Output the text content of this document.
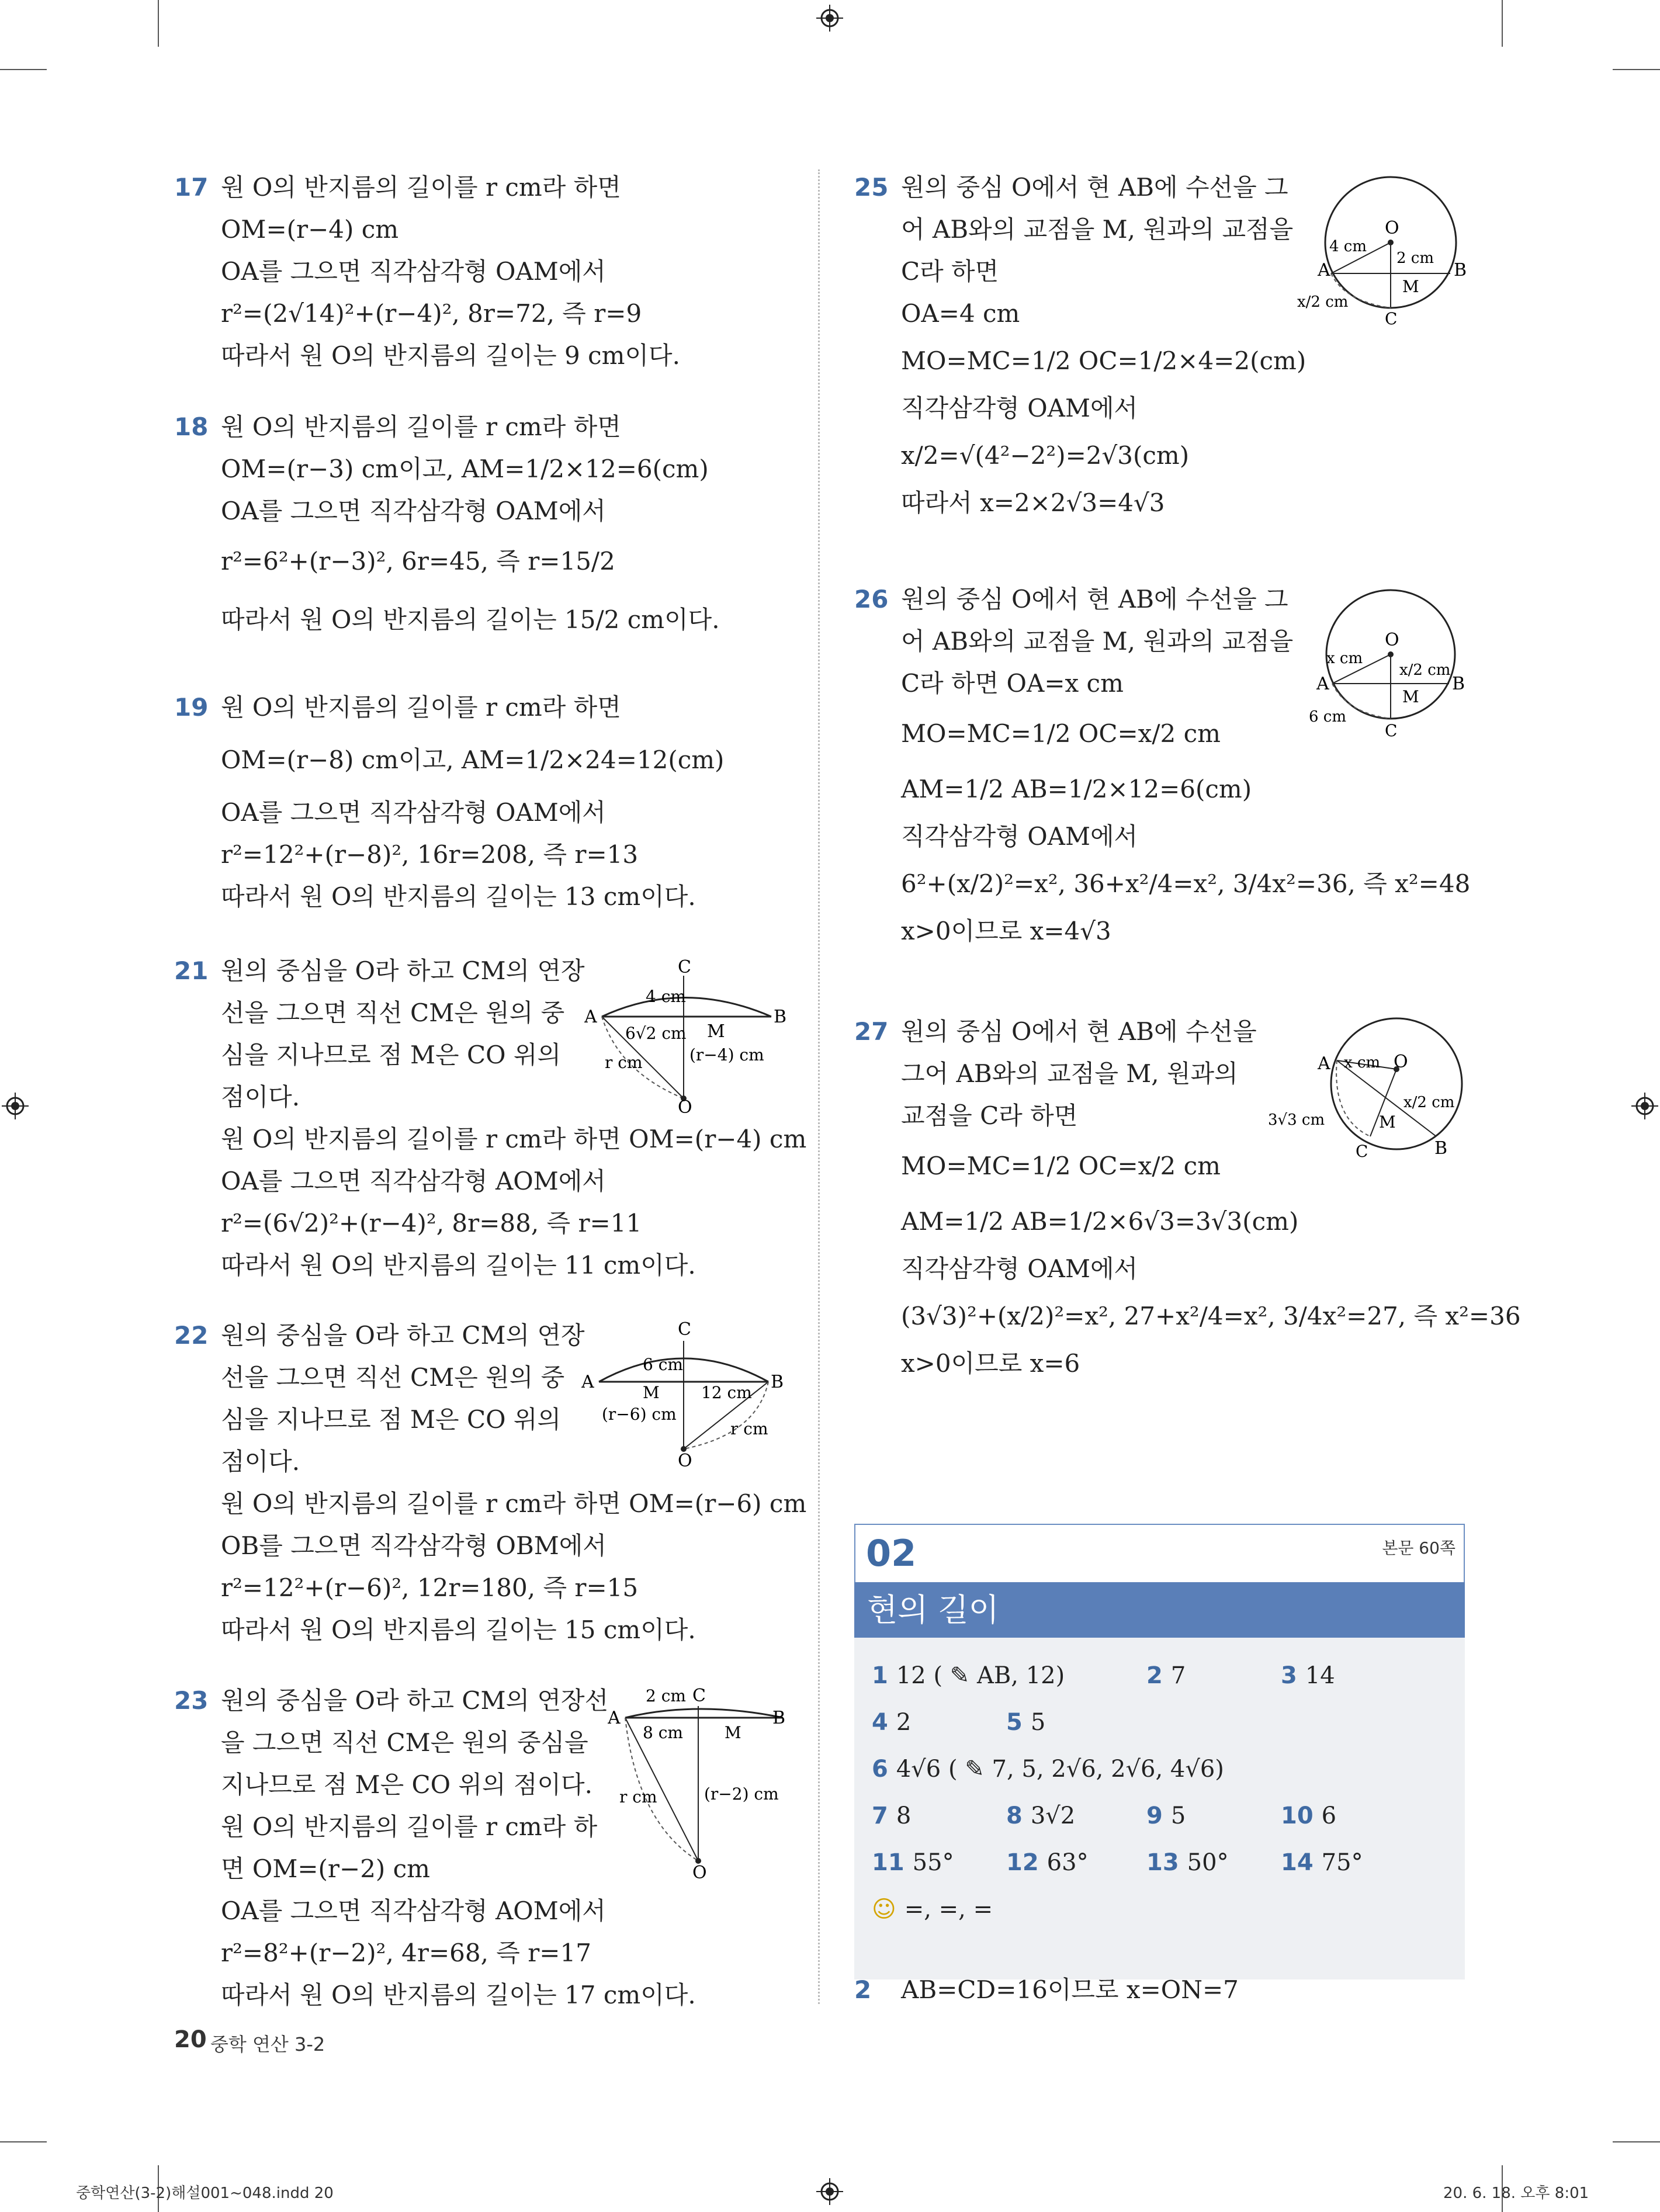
17 원 O의 반지름의 길이를 r cm라 하면
OM=(r−4) cm
OA를 그으면 직각삼각형 OAM에서
r²=(2√14)²+(r−4)², 8r=72, 즉 r=9
따라서 원 O의 반지름의 길이는 9 cm이다.
18 원 O의 반지름의 길이를 r cm라 하면
OM=(r−3) cm이고, AM=1/2×12=6(cm)
OA를 그으면 직각삼각형 OAM에서
r²=6²+(r−3)², 6r=45, 즉 r=15/2
따라서 원 O의 반지름의 길이는 15/2 cm이다.
19 원 O의 반지름의 길이를 r cm라 하면
OM=(r−8) cm이고, AM=1/2×24=12(cm)
OA를 그으면 직각삼각형 OAM에서
r²=12²+(r−8)², 16r=208, 즉 r=13
따라서 원 O의 반지름의 길이는 13 cm이다.
21 원의 중심을 O라 하고 CM의 연장
선을 그으면 직선 CM은 원의 중
심을 지나므로 점 M은 CO 위의
점이다.
원 O의 반지름의 길이를 r cm라 하면 OM=(r−4) cm
OA를 그으면 직각삼각형 AOM에서
r²=(6√2)²+(r−4)², 8r=88, 즉 r=11
따라서 원 O의 반지름의 길이는 11 cm이다.
C
A	B
M
O
4 cm
6√2 cm
(r−4) cm
r cm
22 원의 중심을 O라 하고 CM의 연장
선을 그으면 직선 CM은 원의 중
심을 지나므로 점 M은 CO 위의
점이다.
원 O의 반지름의 길이를 r cm라 하면 OM=(r−6) cm
OB를 그으면 직각삼각형 OBM에서
r²=12²+(r−6)², 12r=180, 즉 r=15
따라서 원 O의 반지름의 길이는 15 cm이다.
C
A	B
M
O
6 cm
12 cm
(r−6) cm
r cm
23 원의 중심을 O라 하고 CM의 연장선
을 그으면 직선 CM은 원의 중심을
지나므로 점 M은 CO 위의 점이다.
원 O의 반지름의 길이를 r cm라 하
면 OM=(r−2) cm
OA를 그으면 직각삼각형 AOM에서
r²=8²+(r−2)², 4r=68, 즉 r=17
따라서 원 O의 반지름의 길이는 17 cm이다.
C
A	B
M
O
2 cm
8 cm
(r−2) cm
r cm
25 원의 중심 O에서 현 AB에 수선을 그
어 AB와의 교점을 M, 원과의 교점을
C라 하면
OA=4 cm
MO=MC=1/2 OC=1/2×4=2(cm)
직각삼각형 OAM에서
x/2=√(4²−2²)=2√3(cm)
따라서 x=2×2√3=4√3
O
A	B
M
C
4 cm
2 cm
x/2 cm
26 원의 중심 O에서 현 AB에 수선을 그
어 AB와의 교점을 M, 원과의 교점을
C라 하면 OA=x cm
MO=MC=1/2 OC=x/2 cm
AM=1/2 AB=1/2×12=6(cm)
직각삼각형 OAM에서
6²+(x/2)²=x², 36+x²/4=x², 3/4x²=36, 즉 x²=48
x>0이므로 x=4√3
O
A	B
M
C
x cm
x/2 cm
6 cm
27 원의 중심 O에서 현 AB에 수선을
그어 AB와의 교점을 M, 원과의
교점을 C라 하면
MO=MC=1/2 OC=x/2 cm
AM=1/2 AB=1/2×6√3=3√3(cm)
직각삼각형 OAM에서
(3√3)²+(x/2)²=x², 27+x²/4=x², 3/4x²=27, 즉 x²=36
x>0이므로 x=6
O
A
B
M
C
x cm
x/2 cm
3√3 cm
02	본문 60쪽
현의 길이
1 12 ( ✎ AB, 12)	2 7	3 14
4 2	5 5
6 4√6 ( ✎ 7, 5, 2√6, 2√6, 4√6)
7 8	8 3√2	9 5	10 6
11 55° 12 63° 13 50° 14 75°
☺ =, =, =
2 AB=CD=16이므로 x=ON=7
20 중학 연산 3-2
중학연산(3-2)해설001~048.indd 20	20. 6. 18. 오후 8:01
